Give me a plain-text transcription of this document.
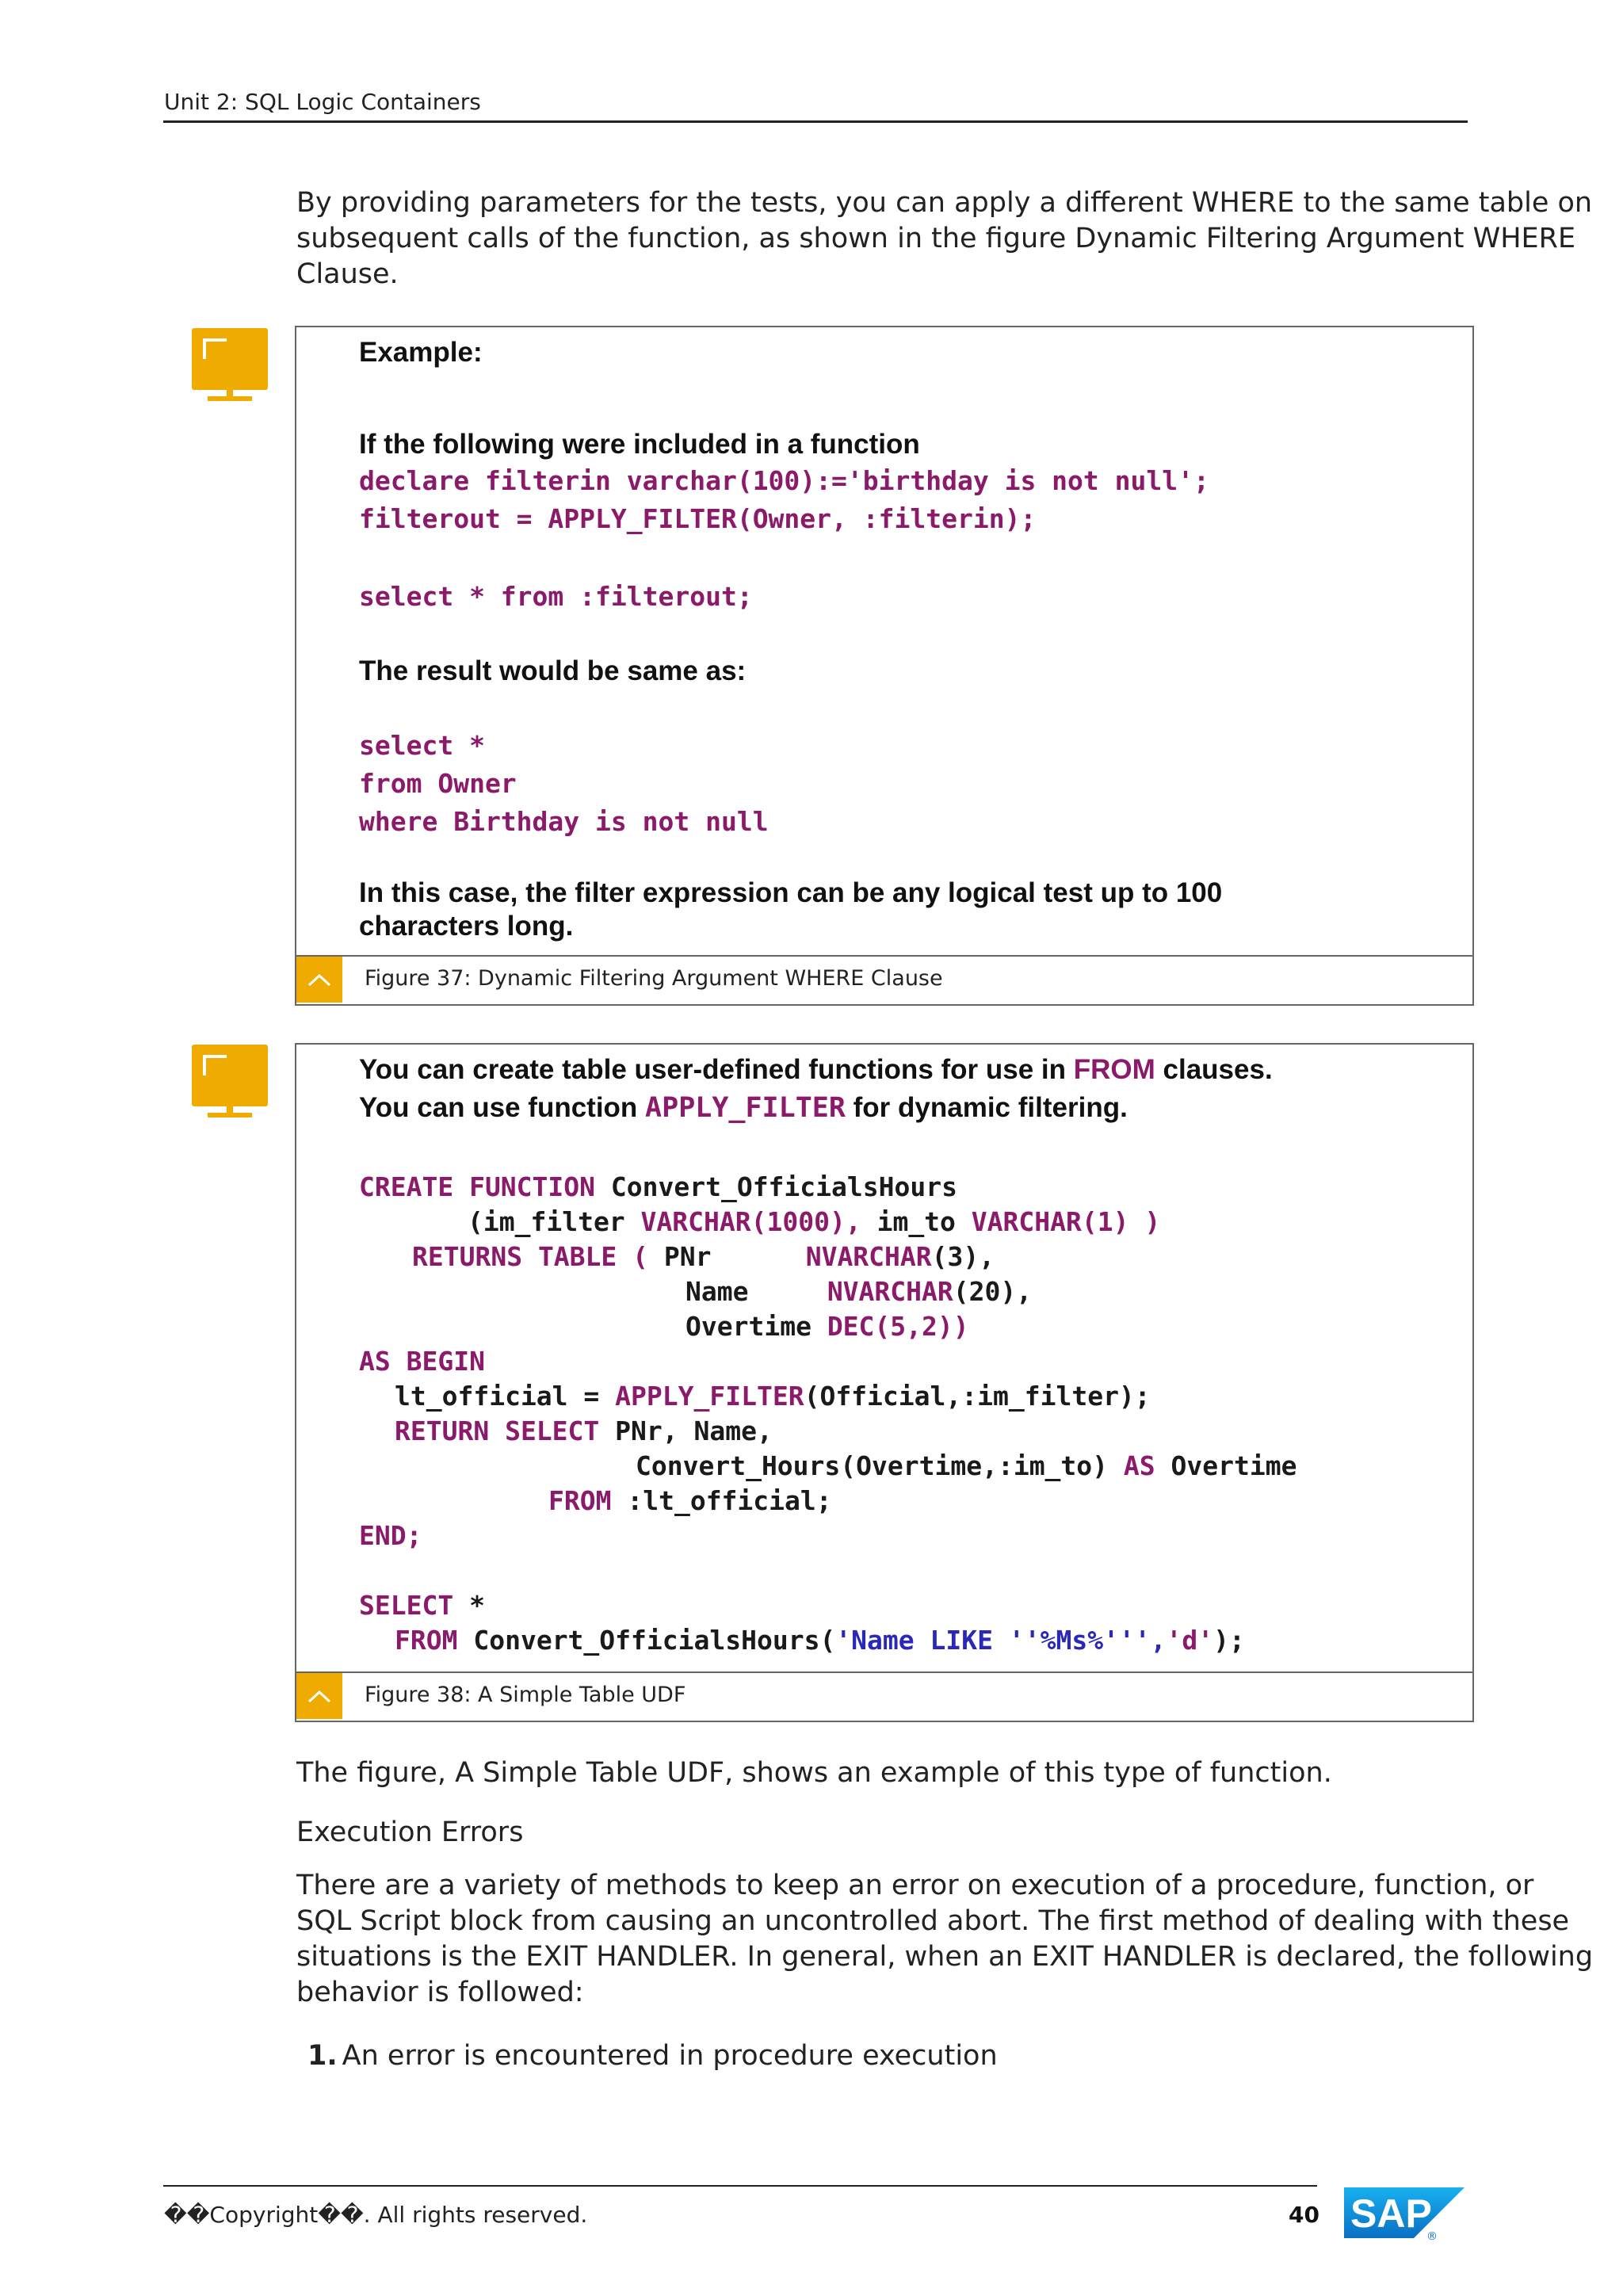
Unit 2: SQL Logic Containers
By providing parameters for the tests, you can apply a different WHERE to the same table on subsequent calls of the function, as shown in the figure Dynamic Filtering Argument WHERE Clause.
Example:
If the following were included in a function
declare filterin varchar(100):='birthday is not null';
filterout = APPLY_FILTER(Owner, :filterin);
select * from :filterout;
The result would be same as:
select *
from Owner
where Birthday is not null
In this case, the filter expression can be any logical test up to 100
characters long.
Figure 37: Dynamic Filtering Argument WHERE Clause
You can create table user-defined functions for use in FROM clauses.
You can use function APPLY_FILTER for dynamic filtering.
CREATE FUNCTION Convert_OfficialsHours
(im_filter VARCHAR(1000), im_to VARCHAR(1) )
RETURNS TABLE ( PNr      NVARCHAR(3),
Name     NVARCHAR(20),
Overtime DEC(5,2))
AS BEGIN
lt_official = APPLY_FILTER(Official,:im_filter);
RETURN SELECT PNr, Name,
Convert_Hours(Overtime,:im_to) AS Overtime
FROM :lt_official;
END;
SELECT *
FROM Convert_OfficialsHours('Name LIKE ''%Ms%''','d');
Figure 38: A Simple Table UDF
The figure, A Simple Table UDF, shows an example of this type of function.
Execution Errors
There are a variety of methods to keep an error on execution of a procedure, function, or SQL Script block from causing an uncontrolled abort. The first method of dealing with these situations is the EXIT HANDLER. In general, when an EXIT HANDLER is declared, the following behavior is followed:
1. An error is encountered in procedure execution
��Copyright��. All rights reserved.	40 SAP
®
